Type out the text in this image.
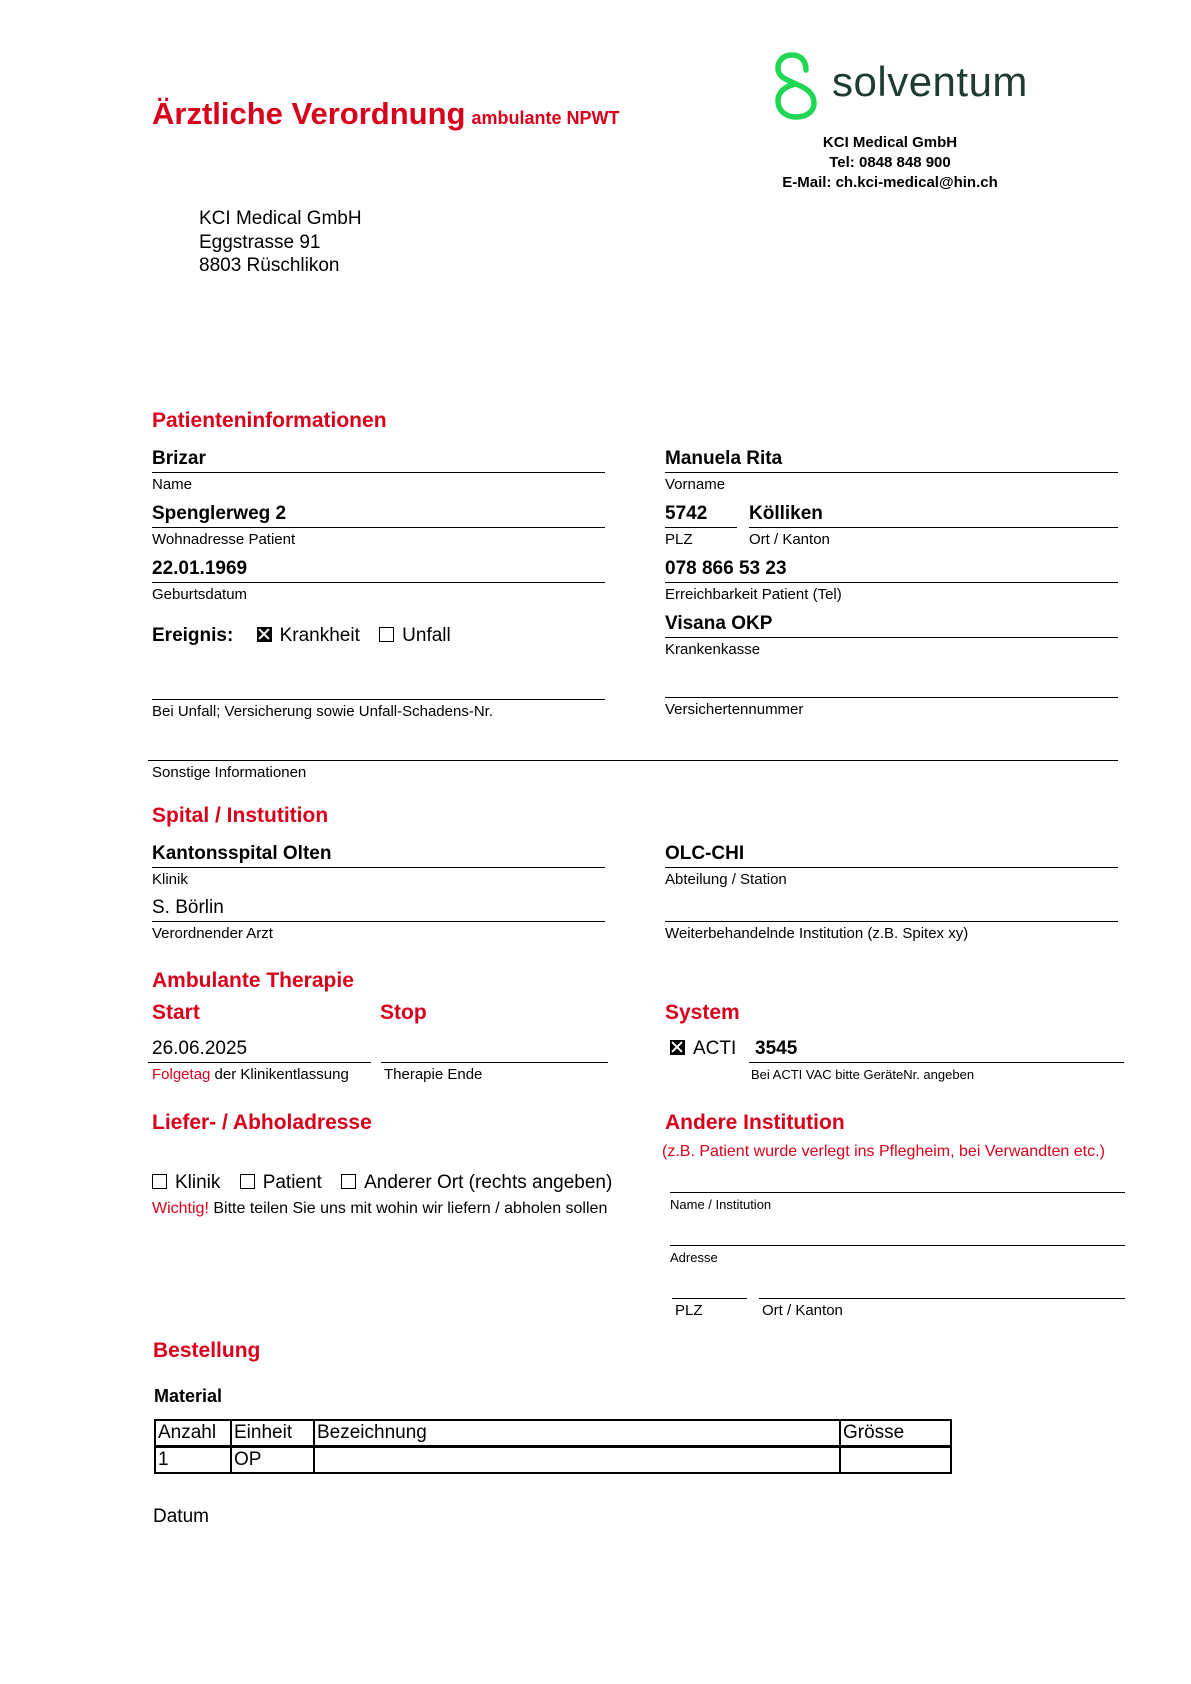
Ärztliche Verordnung ambulante NPWT
solventum
KCI Medical GmbH
Tel: 0848 848 900
E-Mail: ch.kci-medical@hin.ch
KCI Medical GmbH
Eggstrasse 91
8803 Rüschlikon
Patienteninformationen
Brizar
Name
Manuela Rita
Vorname
Spenglerweg 2
Wohnadresse Patient
5742
PLZ
Kölliken
Ort / Kanton
22.01.1969
Geburtsdatum
078 866 53 23
Erreichbarkeit Patient (Tel)
Ereignis: Krankheit Unfall
Visana OKP
Krankenkasse
Bei Unfall; Versicherung sowie Unfall-Schadens-Nr.	Versichertennummer
Sonstige Informationen
Spital / Instutition
Kantonsspital Olten
Klinik
OLC-CHI
Abteilung / Station
S. Börlin
Verordnender Arzt	Weiterbehandelnde Institution (z.B. Spitex xy)
Ambulante Therapie
Start	Stop	System
26.06.2025
Folgetag der Klinikentlassung	Therapie Ende
ACTI 3545
Bei ACTI VAC bitte GeräteNr. angeben
Liefer- / Abholadresse
Klinik Patient Anderer Ort (rechts angeben)
Wichtig! Bitte teilen Sie uns mit wohin wir liefern / abholen sollen
Andere Institution
(z.B. Patient wurde verlegt ins Pflegheim, bei Verwandten etc.)
Name / Institution
Adresse
PLZ	Ort / Kanton
Bestellung
Material
Anzahl	Einheit	Bezeichnung	Grösse
1	OP		
Datum
